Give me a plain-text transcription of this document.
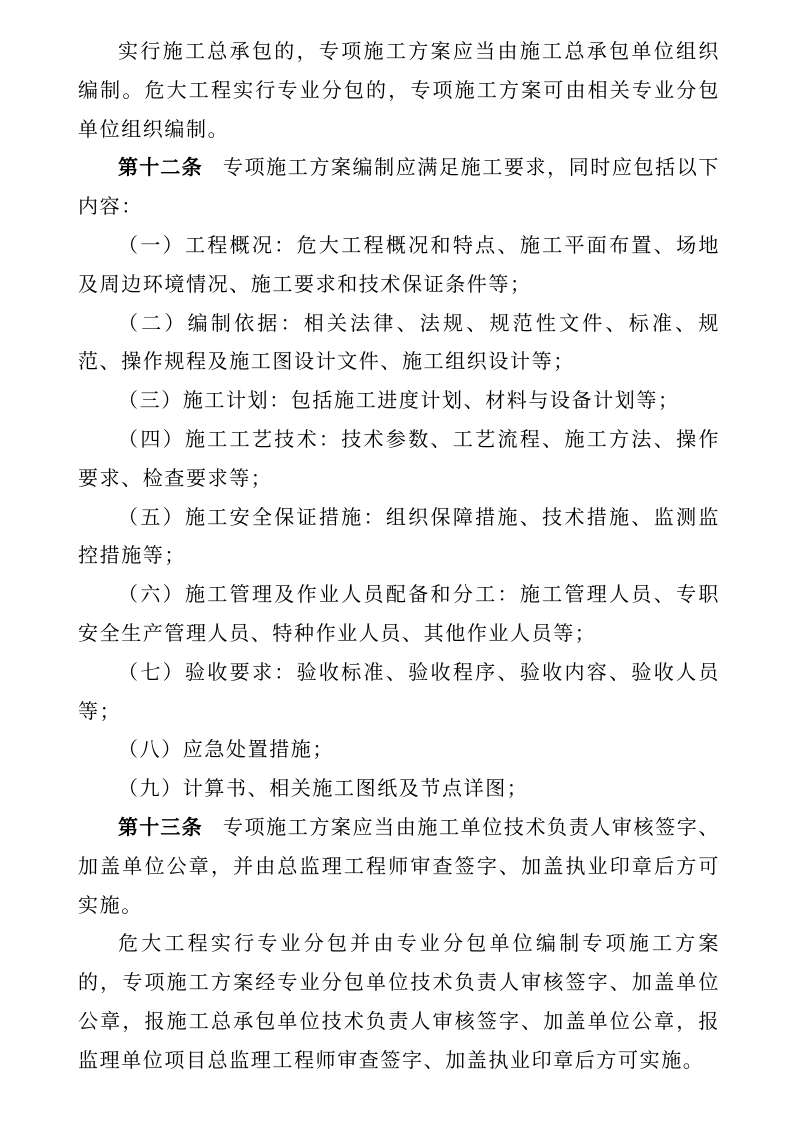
实行施工总承包的，专项施工方案应当由施工总承包单位组织编制。危大工程实行专业分包的，专项施工方案可由相关专业分包单位组织编制。

第十二条 专项施工方案编制应满足施工要求，同时应包括以下内容：

（一）工程概况：危大工程概况和特点、施工平面布置、场地及周边环境情况、施工要求和技术保证条件等；

（二）编制依据：相关法律、法规、规范性文件、标准、规范、操作规程及施工图设计文件、施工组织设计等；

（三）施工计划：包括施工进度计划、材料与设备计划等；

（四）施工工艺技术：技术参数、工艺流程、施工方法、操作要求、检查要求等；

（五）施工安全保证措施：组织保障措施、技术措施、监测监控措施等；

（六）施工管理及作业人员配备和分工：施工管理人员、专职安全生产管理人员、特种作业人员、其他作业人员等；

（七）验收要求：验收标准、验收程序、验收内容、验收人员等；

（八）应急处置措施；

（九）计算书、相关施工图纸及节点详图；

第十三条 专项施工方案应当由施工单位技术负责人审核签字、加盖单位公章，并由总监理工程师审查签字、加盖执业印章后方可实施。

危大工程实行专业分包并由专业分包单位编制专项施工方案的，专项施工方案经专业分包单位技术负责人审核签字、加盖单位公章，报施工总承包单位技术负责人审核签字、加盖单位公章，报监理单位项目总监理工程师审查签字、加盖执业印章后方可实施。
